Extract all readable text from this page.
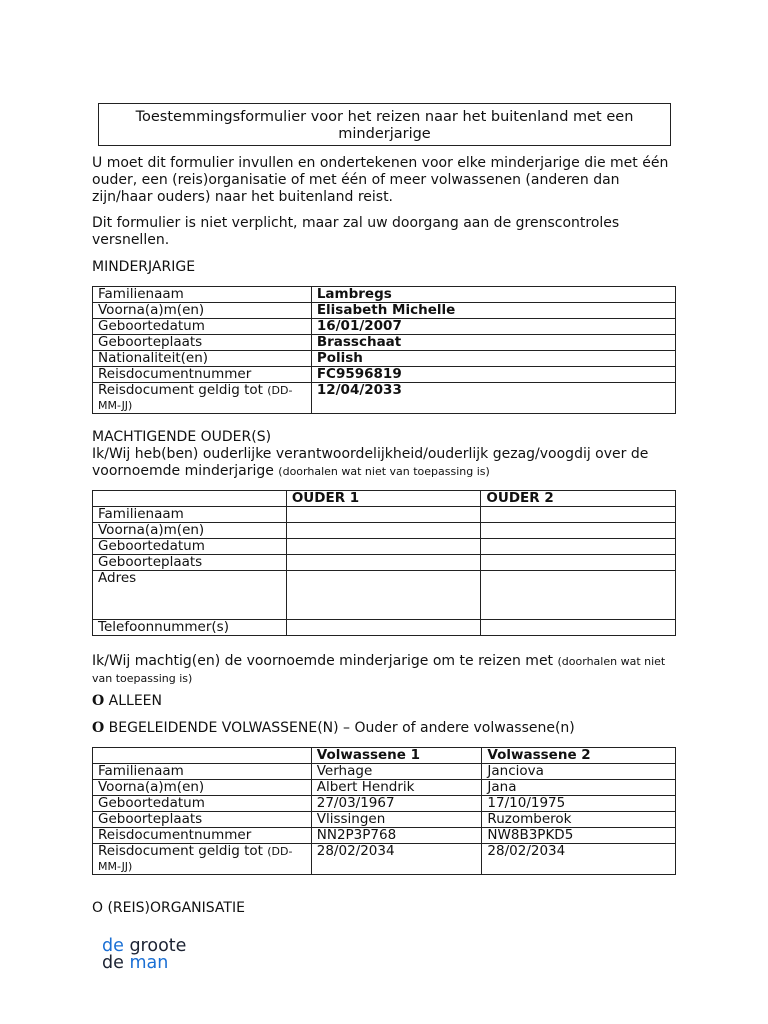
Toestemmingsformulier voor het reizen naar het buitenland met een minderjarige
U moet dit formulier invullen en ondertekenen voor elke minderjarige die met één ouder, een (reis)organisatie of met één of meer volwassenen (anderen dan zijn/haar ouders) naar het buitenland reist.
Dit formulier is niet verplicht, maar zal uw doorgang aan de grenscontroles versnellen.
MINDERJARIGE
Familienaam	Lambregs
Voorna(a)m(en)	Elisabeth Michelle
Geboortedatum	16/01/2007
Geboorteplaats	Brasschaat
Nationaliteit(en)	Polish
Reisdocumentnummer	FC9596819
Reisdocument geldig tot (DD-MM-JJ)	12/04/2033
MACHTIGENDE OUDER(S)
Ik/Wij heb(ben) ouderlijke verantwoordelijkheid/ouderlijk gezag/voogdij over de voornoemde minderjarige (doorhalen wat niet van toepassing is)
	OUDER 1	OUDER 2
Familienaam		
Voorna(a)m(en)		
Geboortedatum		
Geboorteplaats		
Adres		
Telefoonnummer(s)		
Ik/Wij machtig(en) de voornoemde minderjarige om te reizen met (doorhalen wat niet van toepassing is)
O ALLEEN
O BEGELEIDENDE VOLWASSENE(N) – Ouder of andere volwassene(n)
	Volwassene 1	Volwassene 2
Familienaam	Verhage	Janciova
Voorna(a)m(en)	Albert Hendrik	Jana
Geboortedatum	27/03/1967	17/10/1975
Geboorteplaats	Vlissingen	Ruzomberok
Reisdocumentnummer	NN2P3P768	NW8B3PKD5
Reisdocument geldig tot (DD-MM-JJ)	28/02/2034	28/02/2034
O (REIS)ORGANISATIE
de groote
de man
